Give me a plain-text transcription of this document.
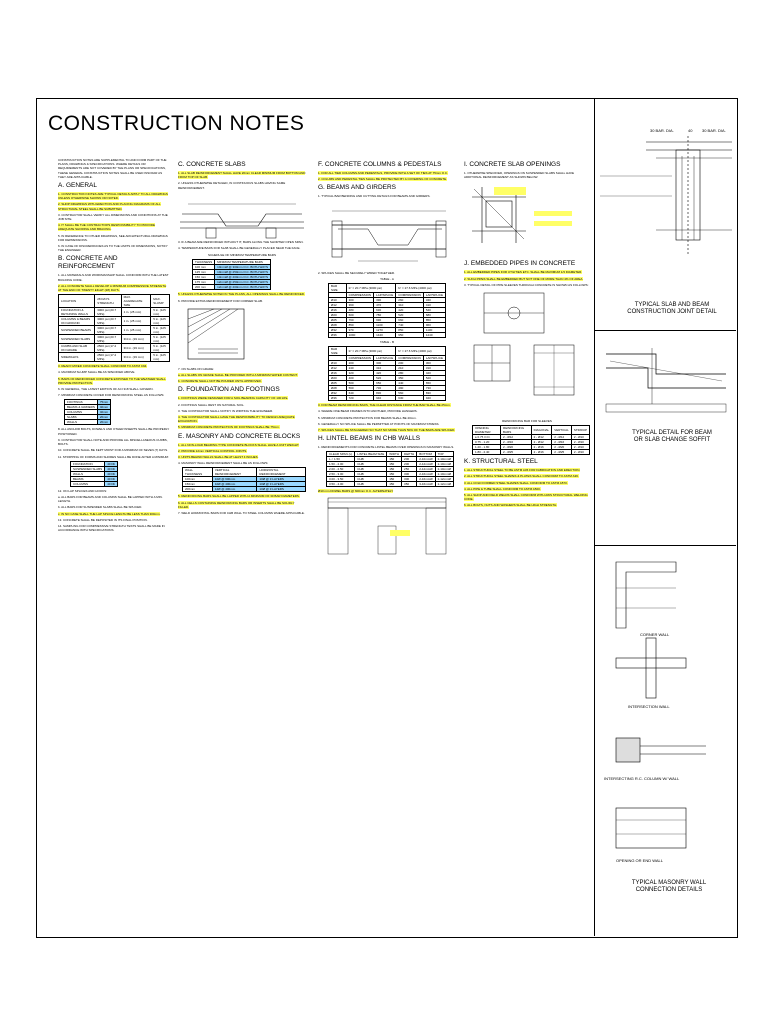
CONSTRUCTION NOTES
CONSTRUCTION NOTES ARE SUPPLEMENTAL TO AND FORM PART OF THE PLANS, DRAWINGS & SPECIFICATIONS. WHERE DETAILS OR REQUIREMENTS ARE NOT COVERED BY THE PLANS OR SPECIFICATIONS, THESE GENERAL CONSTRUCTION NOTES SHALL BE USED INSOFAR AS THEY ARE APPLICABLE.
A. GENERAL
1. CONSTRUCTION NOTES ARE TYPICAL DETAILS APPLY TO ALL DRAWINGS UNLESS OTHERWISE SHOWN OR NOTED.
2. SHOP DRAWINGS WITH ERECTION AND PLACING DIAGRAMS OF ALL STRUCTURAL STEEL SHALL BE SUBMITTED.
3. CONTRACTOR SHALL VERIFY ALL DIMENSIONS AND CONDITIONS AT THE JOB SITE.
4. IT SHALL BE THE CONTRACTOR'S RESPONSIBILITY TO PROVIDE ADEQUATE SHORING AND BRACING.
5. IN REFERENCE TO OTHER DRAWINGS, SEE ARCHITECTURAL DRAWINGS FOR DEPRESSIONS.
6. IN CASE OF DISCREPANCIES AS TO THE LIMITS OF DIMENSIONS, NOTIFY THE ENGINEER.
B. CONCRETE AND REINFORCEMENT
1. ALL MATERIALS AND WORKMANSHIP SHALL CONFORM WITH THE LATEST BUILDING CODE.
2. ALL CONCRETE SHALL DEVELOP A MINIMUM COMPRESSIVE STRENGTH AT THE END OF TWENTY EIGHT (28) DAYS.
LOCATION	28 DAYS STRENGTH	MAX. AGGREGATE SIZE	MAX. SLUMP
FOUNDATION & RETAINING WALLS	3000 psi (20.7 MPa)	1 in. (25 mm)	5 in. (125 mm)
COLUMNS & BEAMS ON GROUND	3000 psi (20.7 MPa)	1 in. (25 mm)	5 in. (125 mm)
SUSPENDED BEAMS	3000 psi (20.7 MPa)	1 in. (25 mm)	5 in. (125 mm)
SUSPENDED SLABS	3000 psi (20.7 MPa)	3/4 in. (19 mm)	5 in. (125 mm)
CURBS AND SLAB ON GRADE	2500 psi (17.2 MPa)	3/4 in. (19 mm)	5 in. (125 mm)
SIDEWALKS	2500 psi (17.2 MPa)	3/4 in. (19 mm)	5 in. (125 mm)
3. READY-MIXED CONCRETE SHALL CONFORM TO ASTM C94.
4. MAXIMUM SLUMP SHALL BE AS SPECIFIED ABOVE.
5. BARS OF REINFORCED CONCRETE EXPOSED TO THE WEATHER SHALL PROVIDE PROTECTION.
6. IN GENERAL, THE LATEST EDITION OF ACI 318 SHALL GOVERN.
7. MINIMUM CONCRETE COVER FOR REINFORCING STEEL AS FOLLOWS:
FOOTINGS	75mm
BEAMS & GIRDERS	40mm
COLUMNS	40mm
SLABS	20mm
WALLS	20mm
8. ALL ANCHOR BOLTS, DOWELS AND OTHER INSERTS SHALL BE PROPERLY POSITIONED.
9. CONTRACTOR SHALL NOTE AND PROVIDE ALL MISCELLANEOUS CURBS, BOLTS.
10. CONCRETE SHALL BE KEPT MOIST FOR A MINIMUM OF SEVEN (7) DAYS.
11. STRIPPING OF FORMS AND SHORES SHALL BE DONE AFTER A MINIMUM:
FOUNDATION	40 Db
SUSPENDED SLABS	40 Db
WALLS	40 Db
BEAMS	40 Db
COLUMNS	40 Db
12. ON LAP SPLICES AND HOOKS:
a. ALL BARS FOR BEAMS AND COLUMNS SHALL BE LAPPED WITH A MIN. LENGTH.
b. ALL BARS FOR SUSPENDED SLABS SHALL BE SPLICED.
c. IN NO CASE SHALL THE LAP SPLICE LENGTH BE LESS THAN 300mm.
13. CONCRETE SHALL BE DEPOSITED IN ITS FINAL POSITION.
14. SAMPLING FOR COMPRESSIVE STRENGTH TESTS SHALL BE MADE IN ACCORDANCE WITH SPECIFICATIONS.
C. CONCRETE SLABS
1. ALL SLAB REINFORCEMENT SHALL HAVE 20mm CLEAR MINIMUM FROM BOTTOM AND FROM TOP OF SLAB.
2. UNLESS OTHERWISE DETAILED, IN CONTINUOUS SLABS HAVING SAME REINFORCEMENT.
3. IF A BEAM ARE REINFORCED WITHOUT IT, BARS ALONG THE SHORTER OPEN SPAN.
4. TEMPERATURE BARS FOR SLAB SHALL BE GENERALLY PLACED NEAR THE FACE.
SCHEDULE OF MINIMUM TEMPERATURE BARS
THICKNESS	MINIMUM TEMPERATURE BARS
100 mm	10mmØ @ 300mm O.C. BOTH WAYS
125 mm	10mmØ @ 250mm O.C. BOTH WAYS
150 mm	10mmØ @ 200mm O.C. BOTH WAYS
175 mm	12mmØ @ 250mm O.C. BOTH WAYS
200 mm	12mmØ @ 200mm O.C. BOTH WAYS
5. UNLESS OTHERWISE NOTED IN THE PLANS, ALL OPENINGS SHALL BE REINFORCED.
6. PROVIDE EXTRA REINFORCEMENT FOR CORNER SLAB.
7. ON SLABS ON GRADE:
a. ALL SLABS ON GRADE SHALL BE PROVIDED WITH A MINIMUM WATER CONTENT.
b. CONCRETE SHALL NOT BE POURED UNTIL APPROVED.
D. FOUNDATION AND FOOTINGS
1. FOOTINGS WERE DESIGNED FOR A SOIL BEARING CAPACITY OF 100 kPa.
2. FOOTINGS SHALL REST ON NATURAL SOIL.
3. THE CONTRACTOR SHALL NOTIFY IN WRITING THE ENGINEER.
4. THE CONTRACTOR SHALL HAVE THE RESPONSIBILITY TO DESIGN ADEQUATE EXCAVATION.
5. MINIMUM CONCRETE PROTECTION OF FOOTINGS SHALL BE 75mm.
E. MASONRY AND CONCRETE BLOCKS
1. ALL NON-LOAD BEARING TYPE CONCRETE BLOCKS SHALL HAVE A UNIT WEIGHT.
2. PROVIDE 12mm VERTICAL CONTROL JOINTS.
3. UNITS BEHIND WALLS SHALL BE AT LEAST 4 INCHES.
4. MASONRY WALL REINFORCEMENT SHALL BE AS FOLLOWS:
WALL THICKNESS	VERTICAL REINFORCEMENT	HORIZONTAL REINFORCEMENT
100mm	10Ø @ 600mm	10Ø @ 3 LAYERS
150mm	10Ø @ 400mm	10Ø @ 3 LAYERS
200mm	12Ø @ 400mm	10Ø @ 3 LAYERS
5. REINFORCING BARS SHALL BE LAPPED WITH A MINIMUM OF 30 BAR DIAMETERS.
6. ALL CELLS CONTAINING REINFORCING BARS OR INSERTS SHALL BE SOLIDLY FILLED.
7. WELD HORIZONTAL BARS FOR CHB WALL TO STEEL COLUMNS WHERE APPLICABLE.
F. CONCRETE COLUMNS & PEDESTALS
1. FOR ALL TIED COLUMNS AND PEDESTALS, PROVIDE WITH A SET OF TIES AT 75mm O.C.
2. COLUMN AND PEDESTAL TIES SHALL BE PROTECTED BY A COVERING OF CONCRETE.
G. BEAMS AND GIRDERS
1. TYPICAL BAR BENDING AND CUTTING DETAILS FOR BEAMS AND GIRDERS.
2. SPLICES SHALL BE SECURELY WIRED TOGETHER.
TABLE - A
BAR SIZE	fc' = 20.7 MPa (3000 psi)		fc' = 27.6 MPa (4000 psi)	
	COMPRESSION	LAP/SPLICE	COMPRESSION	LAP/SPLICE
Ø10	300	390	260	340
Ø12	360	470	310	410
Ø16	480	630	420	540
Ø20	600	780	520	680
Ø25	760	990	660	850
Ø28	850	1100	740	960
Ø32	970	1270	850	1100
Ø36	1090	1420	950	1240
TABLE - B
BAR SIZE	fc' = 20.7 MPa (3000 psi)		fc' = 27.6 MPa (4000 psi)	
	COMPRESSION	LAP/SPLICE	COMPRESSION	LAP/SPLICE
Ø10	200	300	200	300
Ø12	240	310	210	310
Ø16	320	420	280	420
Ø20	400	520	350	520
Ø25	500	650	440	650
Ø28	560	730	490	730
Ø32	640	830	560	830
Ø36	720	940	630	940
3. FOR BEAM REINFORCING BARS, THE CLEAR DISTANCE FROM THE BAR SHALL BE 25mm.
4. WHERE ONE BEAM FRAMES INTO ANOTHER, PROVIDE HANGERS.
5. MINIMUM CONCRETE PROTECTION FOR BEAMS SHALL BE 40mm.
6. GENERALLY NO SPLICE SHALL BE PERMITTED AT POINTS OF MAXIMUM STRESS.
7. SPLICES SHALL BE STAGGERED SO THAT NO MORE THAN 50% OF THE BARS ARE SPLICED.
H. LINTEL BEAMS IN CHB WALLS
1. REINFORCEMENTS FOR CONCRETE LINTEL BEAMS OVER OPENINGS IN MASONRY WALLS.
CLEAR SPAN (L)	LINTEL BEAM SIZE	WIDTH	DEPTH	BOTTOM	TOP
L < 1.50	CHB	150	200	2-10mmØ	2-10mmØ
1.50 - 2.00	CHB	150	200	2-12mmØ	2-10mmØ
2.00 - 2.50	CHB	150	250	2-12mmØ	2-10mmØ
2.50 - 3.00	CHB	150	300	2-16mmØ	2-10mmØ
3.00 - 3.50	CHB	150	300	2-16mmØ	2-12mmØ
3.50 - 4.00	CHB	150	350	3-16mmØ	2-12mmØ
Ø10 mm DOWEL BARS @ 600mm O.C. ALTERNATELY
I. CONCRETE SLAB OPENINGS
1. OTHERWISE SPECIFIED, OPENINGS ON SUSPENDED SLABS SHALL HAVE ADDITIONAL REINFORCEMENT AS SHOWN BELOW.
J. EMBEDDED PIPES IN CONCRETE
1. ALL EMBEDDED PIPES FOR UTILITIES ETC. SHALL BE MAXIMUM 1/3 DIAMETER.
2. SUCH PIPES SHALL BE EMBEDDED BUT NOT ONE OF MORE THAN 4% OF AREA.
3. TYPICAL DETAIL OF PIPE SLEEVES THROUGH CONCRETE IS SHOWN AS FOLLOWS:
REINFORCING BAR FOR SLEEVES
OPENING DIAMETER	REINFORCING BARS	DIAGONAL	VERTICAL	STIRRUP
≤ 0.75 O.D.	2 - Ø12	2 - Ø12	2 - Ø12	2 - Ø10
0.75 - 1.20	2 - Ø16	2 - Ø12	2 - Ø16	2 - Ø10
1.20 - 1.80	2 - Ø20	2 - Ø16	2 - Ø20	2 - Ø10
1.80 - 2.40	2 - Ø25	2 - Ø16	2 - Ø25	2 - Ø10
K. STRUCTURAL STEEL
1. ALL STRUCTURAL STEEL TO BE ASTM A36 FOR FABRICATION AND ERECTION.
2. ALL STRUCTURAL STEEL SHAPES & PLATES SHALL CONFORM TO ASTM A36.
3. ALL COLD FORMED STEEL SHAPES SHALL CONFORM TO ASTM A570.
4. ALL PIPE & TUBE SHALL CONFORM TO ASTM A500.
5. ALL SHOP AND FIELD WELDS SHALL CONFORM WITH AWS STRUCTURAL WELDING CODE.
6. ALL BOLTS, NUTS AND WASHERS SHALL BE HIGH STRENGTH.
30 BAR. DIA.	40 30 BAR. DIA.
TYPICAL SLAB AND BEAM
CONSTRUCTION JOINT DETAIL
TYPICAL DETAIL FOR BEAM
OR SLAB CHANGE SOFFIT
CORNER WALL
INTERSECTION WALL
INTERSECTING R.C. COLUMN W/ WALL
OPENING OR END WALL
TYPICAL MASONRY WALL
CONNECTION DETAILS
